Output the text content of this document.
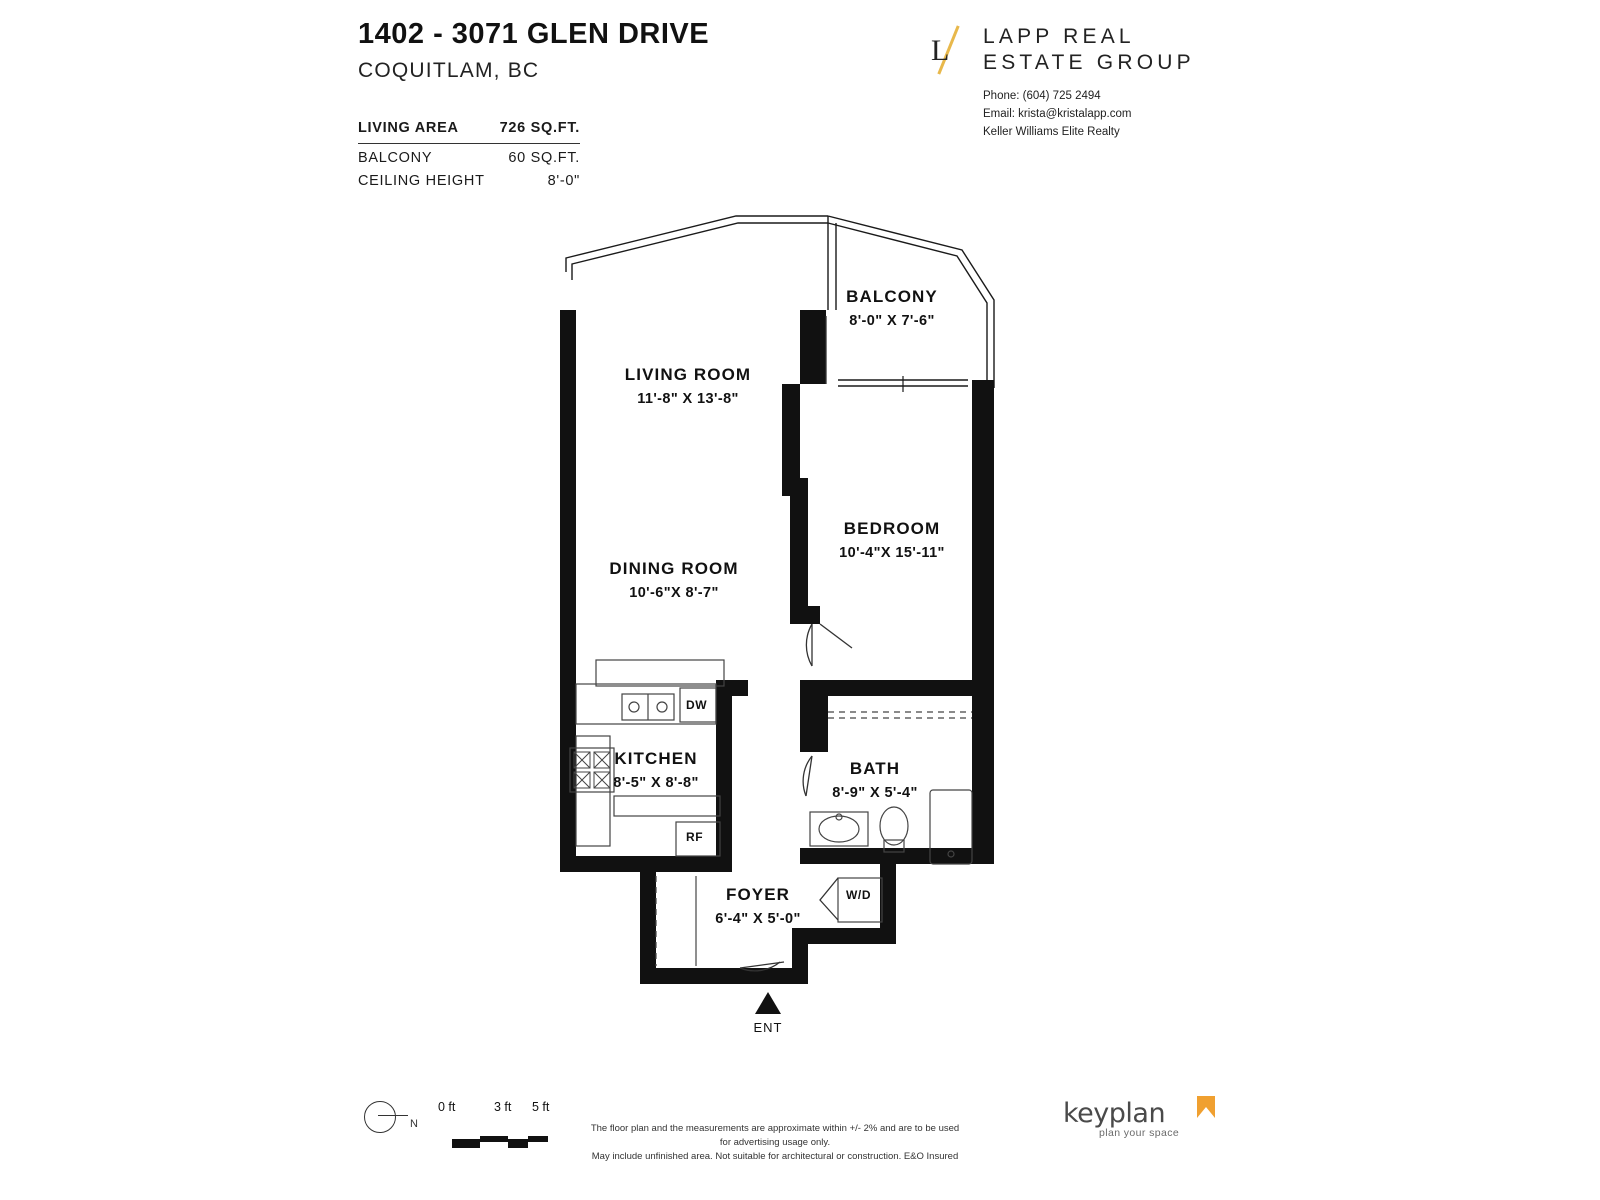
1402 - 3071 GLEN DRIVE
COQUITLAM, BC
LIVING AREA	726 SQ.FT.
BALCONY	60 SQ.FT.
CEILING HEIGHT	8'-0"
L LAPP REAL
ESTATE GROUP
Phone: (604) 725 2494
Email: krista@kristalapp.com
Keller Williams Elite Realty
BALCONY
8'-0" X 7'-6"
LIVING ROOM
11'-8" X 13'-8"
BEDROOM
10'-4"X 15'-11"
DINING ROOM
10'-6"X 8'-7"
KITCHEN
8'-5" X 8'-8"
BATH
8'-9" X 5'-4"
FOYER
6'-4" X 5'-0"
DW
RF
W/D
ENT
N
0 ft	3 ft 5 ft
The floor plan and the measurements are approximate within +/- 2% and are to be used for advertising usage only.
May include unfinished area. Not suitable for architectural or construction. E&O Insured
keyplan
plan your space
